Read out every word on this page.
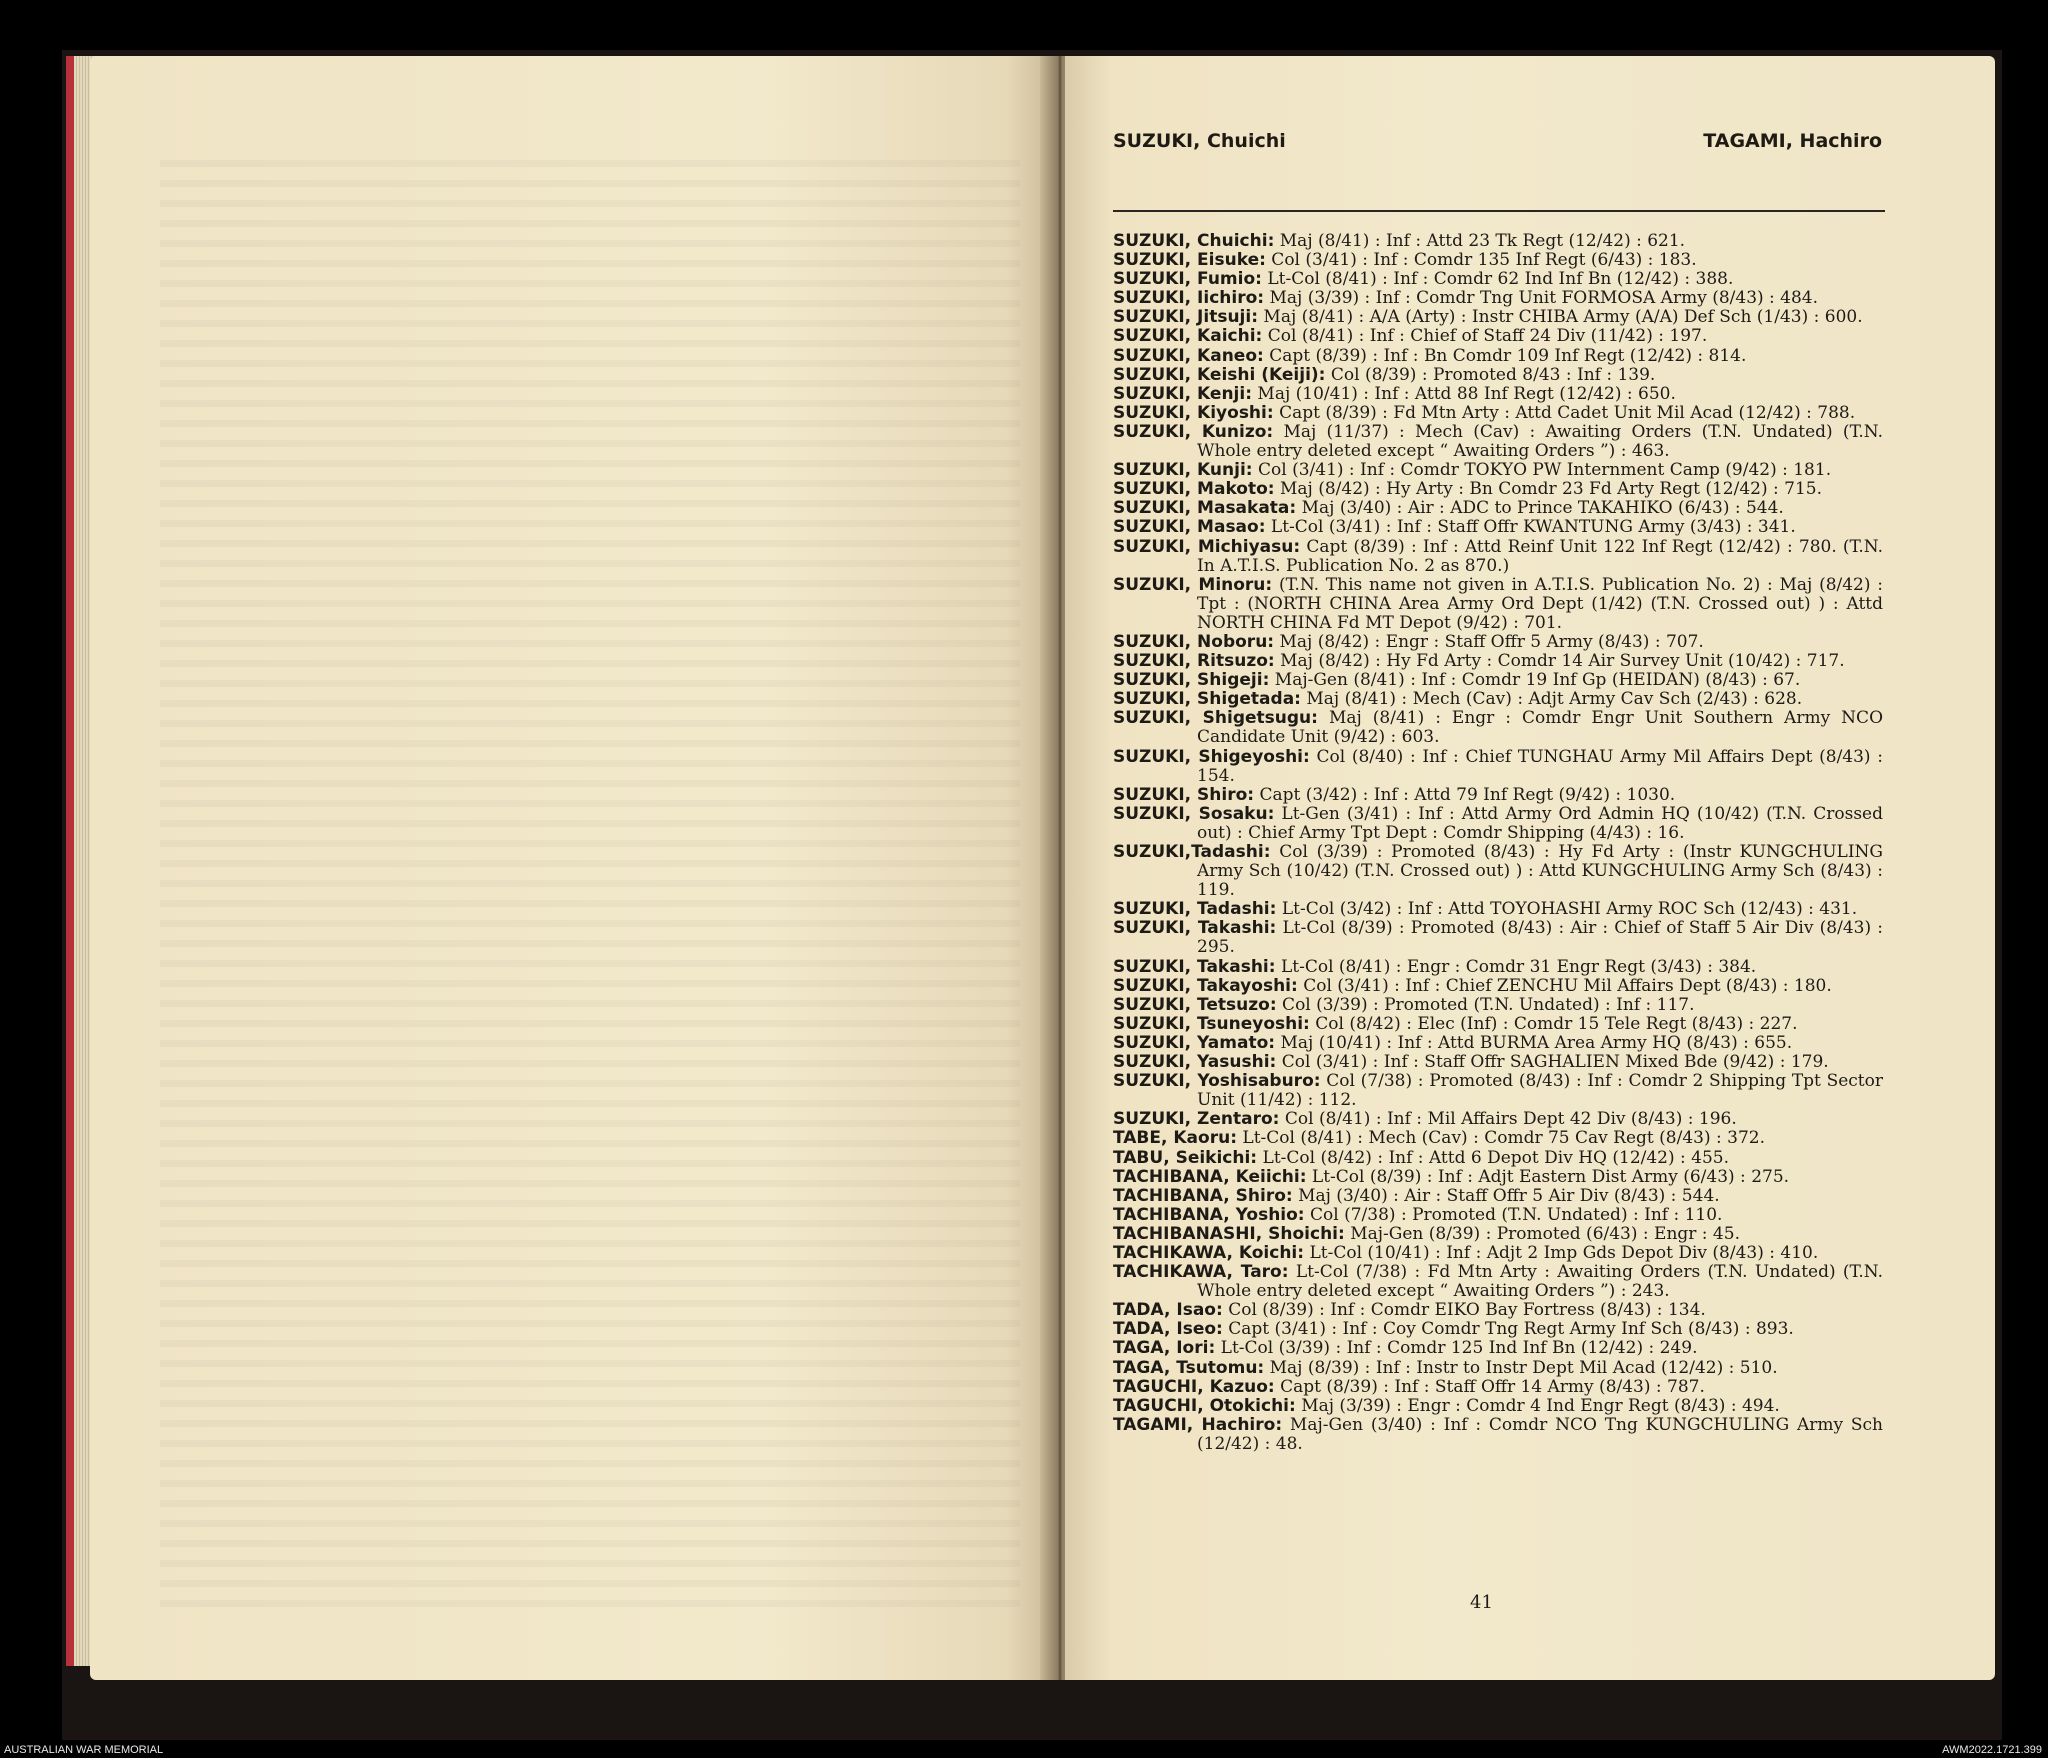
SUZUKI, Chuichi	TAGAMI, Hachiro
SUZUKI, Chuichi: Maj (8/41) : Inf : Attd 23 Tk Regt (12/42) : 621.
SUZUKI, Eisuke: Col (3/41) : Inf : Comdr 135 Inf Regt (6/43) : 183.
SUZUKI, Fumio: Lt-Col (8/41) : Inf : Comdr 62 Ind Inf Bn (12/42) : 388.
SUZUKI, Iichiro: Maj (3/39) : Inf : Comdr Tng Unit FORMOSA Army (8/43) : 484.
SUZUKI, Jitsuji: Maj (8/41) : A/A (Arty) : Instr CHIBA Army (A/A) Def Sch (1/43) : 600.
SUZUKI, Kaichi: Col (8/41) : Inf : Chief of Staff 24 Div (11/42) : 197.
SUZUKI, Kaneo: Capt (8/39) : Inf : Bn Comdr 109 Inf Regt (12/42) : 814.
SUZUKI, Keishi (Keiji): Col (8/39) : Promoted 8/43 : Inf : 139.
SUZUKI, Kenji: Maj (10/41) : Inf : Attd 88 Inf Regt (12/42) : 650.
SUZUKI, Kiyoshi: Capt (8/39) : Fd Mtn Arty : Attd Cadet Unit Mil Acad (12/42) : 788.
SUZUKI, Kunizo: Maj (11/37) : Mech (Cav) : Awaiting Orders (T.N. Undated) (T.N. Whole entry deleted except “ Awaiting Orders ”) : 463.
SUZUKI, Kunji: Col (3/41) : Inf : Comdr TOKYO PW Internment Camp (9/42) : 181.
SUZUKI, Makoto: Maj (8/42) : Hy Arty : Bn Comdr 23 Fd Arty Regt (12/42) : 715.
SUZUKI, Masakata: Maj (3/40) : Air : ADC to Prince TAKAHIKO (6/43) : 544.
SUZUKI, Masao: Lt-Col (3/41) : Inf : Staff Offr KWANTUNG Army (3/43) : 341.
SUZUKI, Michiyasu: Capt (8/39) : Inf : Attd Reinf Unit 122 Inf Regt (12/42) : 780. (T.N. In A.T.I.S. Publication No. 2 as 870.)
SUZUKI, Minoru: (T.N. This name not given in A.T.I.S. Publication No. 2) : Maj (8/42) : Tpt : (NORTH CHINA Area Army Ord Dept (1/42) (T.N. Crossed out) ) : Attd NORTH CHINA Fd MT Depot (9/42) : 701.
SUZUKI, Noboru: Maj (8/42) : Engr : Staff Offr 5 Army (8/43) : 707.
SUZUKI, Ritsuzo: Maj (8/42) : Hy Fd Arty : Comdr 14 Air Survey Unit (10/42) : 717.
SUZUKI, Shigeji: Maj-Gen (8/41) : Inf : Comdr 19 Inf Gp (HEIDAN) (8/43) : 67.
SUZUKI, Shigetada: Maj (8/41) : Mech (Cav) : Adjt Army Cav Sch (2/43) : 628.
SUZUKI, Shigetsugu: Maj (8/41) : Engr : Comdr Engr Unit Southern Army NCO Candidate Unit (9/42) : 603.
SUZUKI, Shigeyoshi: Col (8/40) : Inf : Chief TUNGHAU Army Mil Affairs Dept (8/43) : 154.
SUZUKI, Shiro: Capt (3/42) : Inf : Attd 79 Inf Regt (9/42) : 1030.
SUZUKI, Sosaku: Lt-Gen (3/41) : Inf : Attd Army Ord Admin HQ (10/42) (T.N. Crossed out) : Chief Army Tpt Dept : Comdr Shipping (4/43) : 16.
SUZUKI,Tadashi: Col (3/39) : Promoted (8/43) : Hy Fd Arty : (Instr KUNGCHULING Army Sch (10/42) (T.N. Crossed out) ) : Attd KUNGCHULING Army Sch (8/43) : 119.
SUZUKI, Tadashi: Lt-Col (3/42) : Inf : Attd TOYOHASHI Army ROC Sch (12/43) : 431.
SUZUKI, Takashi: Lt-Col (8/39) : Promoted (8/43) : Air : Chief of Staff 5 Air Div (8/43) : 295.
SUZUKI, Takashi: Lt-Col (8/41) : Engr : Comdr 31 Engr Regt (3/43) : 384.
SUZUKI, Takayoshi: Col (3/41) : Inf : Chief ZENCHU Mil Affairs Dept (8/43) : 180.
SUZUKI, Tetsuzo: Col (3/39) : Promoted (T.N. Undated) : Inf : 117.
SUZUKI, Tsuneyoshi: Col (8/42) : Elec (Inf) : Comdr 15 Tele Regt (8/43) : 227.
SUZUKI, Yamato: Maj (10/41) : Inf : Attd BURMA Area Army HQ (8/43) : 655.
SUZUKI, Yasushi: Col (3/41) : Inf : Staff Offr SAGHALIEN Mixed Bde (9/42) : 179.
SUZUKI, Yoshisaburo: Col (7/38) : Promoted (8/43) : Inf : Comdr 2 Shipping Tpt Sector Unit (11/42) : 112.
SUZUKI, Zentaro: Col (8/41) : Inf : Mil Affairs Dept 42 Div (8/43) : 196.
TABE, Kaoru: Lt-Col (8/41) : Mech (Cav) : Comdr 75 Cav Regt (8/43) : 372.
TABU, Seikichi: Lt-Col (8/42) : Inf : Attd 6 Depot Div HQ (12/42) : 455.
TACHIBANA, Keiichi: Lt-Col (8/39) : Inf : Adjt Eastern Dist Army (6/43) : 275.
TACHIBANA, Shiro: Maj (3/40) : Air : Staff Offr 5 Air Div (8/43) : 544.
TACHIBANA, Yoshio: Col (7/38) : Promoted (T.N. Undated) : Inf : 110.
TACHIBANASHI, Shoichi: Maj-Gen (8/39) : Promoted (6/43) : Engr : 45.
TACHIKAWA, Koichi: Lt-Col (10/41) : Inf : Adjt 2 Imp Gds Depot Div (8/43) : 410.
TACHIKAWA, Taro: Lt-Col (7/38) : Fd Mtn Arty : Awaiting Orders (T.N. Undated) (T.N. Whole entry deleted except “ Awaiting Orders ”) : 243.
TADA, Isao: Col (8/39) : Inf : Comdr EIKO Bay Fortress (8/43) : 134.
TADA, Iseo: Capt (3/41) : Inf : Coy Comdr Tng Regt Army Inf Sch (8/43) : 893.
TAGA, Iori: Lt-Col (3/39) : Inf : Comdr 125 Ind Inf Bn (12/42) : 249.
TAGA, Tsutomu: Maj (8/39) : Inf : Instr to Instr Dept Mil Acad (12/42) : 510.
TAGUCHI, Kazuo: Capt (8/39) : Inf : Staff Offr 14 Army (8/43) : 787.
TAGUCHI, Otokichi: Maj (3/39) : Engr : Comdr 4 Ind Engr Regt (8/43) : 494.
TAGAMI, Hachiro: Maj-Gen (3/40) : Inf : Comdr NCO Tng KUNGCHULING Army Sch (12/42) : 48.
41
AUSTRALIAN WAR MEMORIAL	AWM2022.1721.399
